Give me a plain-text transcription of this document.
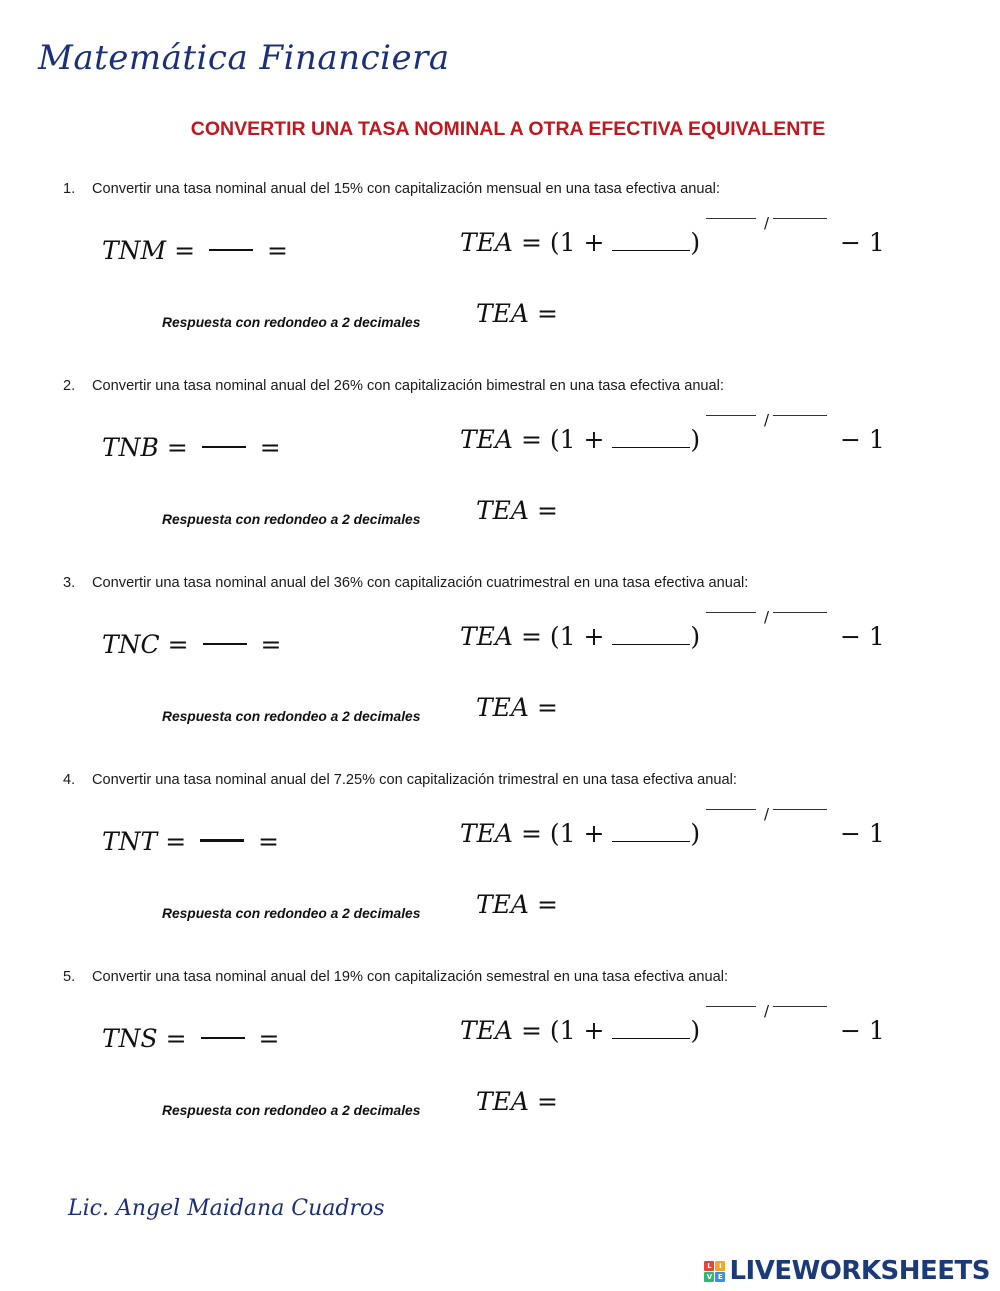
Matemática Financiera
CONVERTIR UNA TASA NOMINAL A OTRA EFECTIVA EQUIVALENTE
1. Convertir una tasa nominal anual del 15% con capitalización mensual en una tasa efectiva anual:
TNM =	=	TEA = (1 +	)
/
− 1
Respuesta con redondeo a 2 decimales TEA =
2. Convertir una tasa nominal anual del 26% con capitalización bimestral en una tasa efectiva anual:
TNB =	=	TEA = (1 +	)
/
− 1
Respuesta con redondeo a 2 decimales TEA =
3. Convertir una tasa nominal anual del 36% con capitalización cuatrimestral en una tasa efectiva anual:
TNC =	=	TEA = (1 +	)
/
− 1
Respuesta con redondeo a 2 decimales TEA =
4. Convertir una tasa nominal anual del 7.25% con capitalización trimestral en una tasa efectiva anual:
TNT =	=	TEA = (1 +	)
/
− 1
Respuesta con redondeo a 2 decimales TEA =
5. Convertir una tasa nominal anual del 19% con capitalización semestral en una tasa efectiva anual:
TNS =	=	TEA = (1 +	)
/
− 1
Respuesta con redondeo a 2 decimales TEA =
Lic. Angel Maidana Cuadros
L	I
V E LIVEWORKSHEETS
